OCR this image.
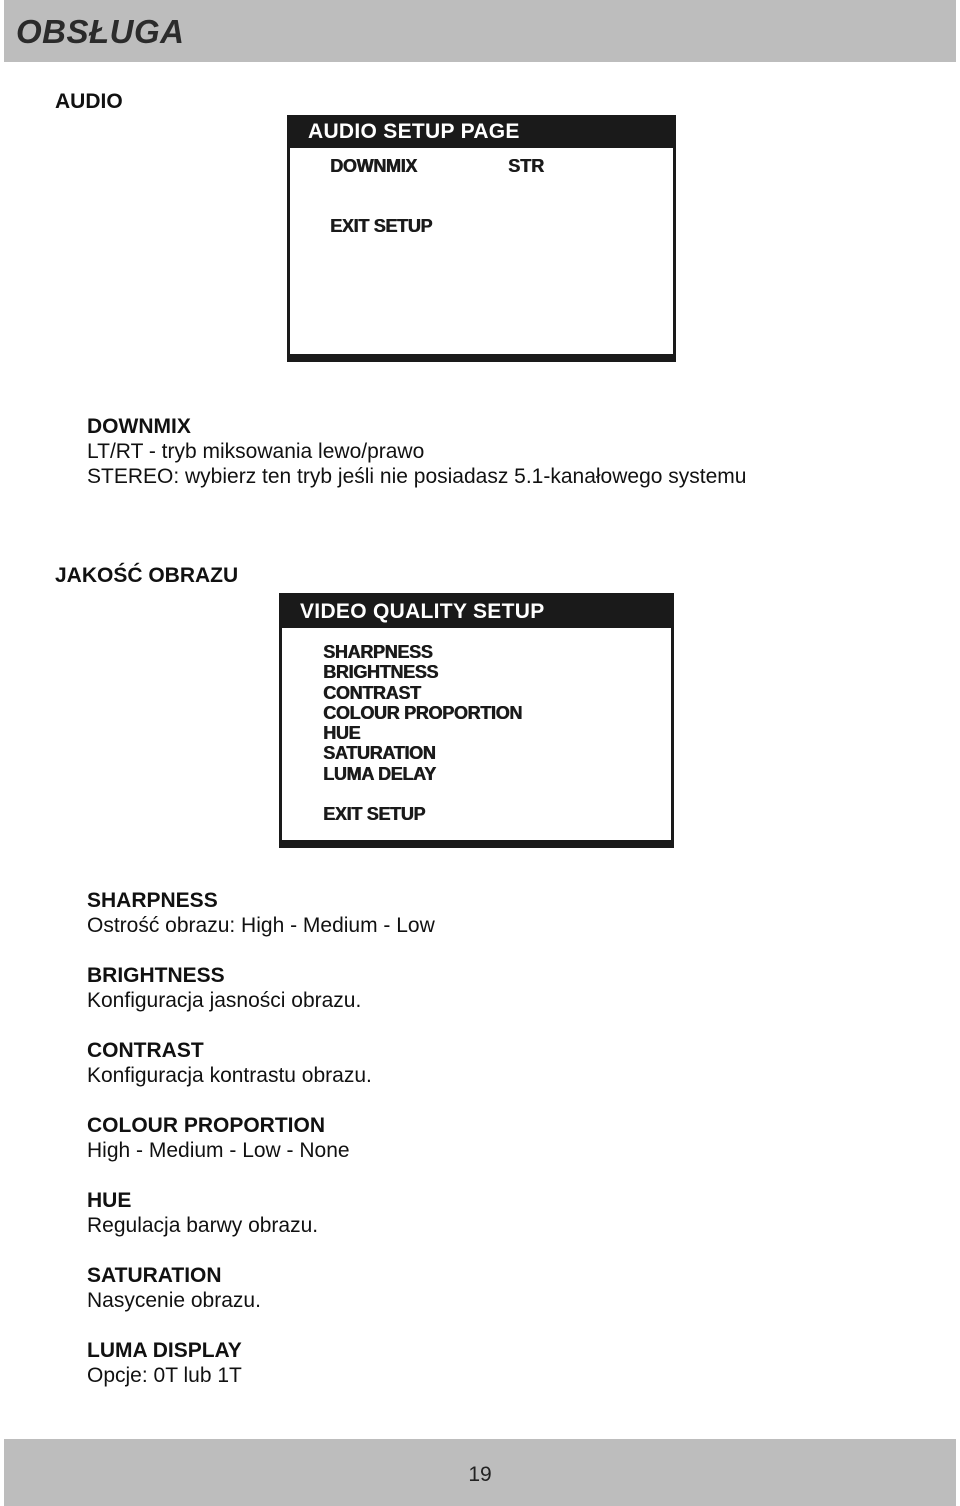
OBSŁUGA
AUDIO
AUDIO SETUP PAGE
DOWNMIX	STR
EXIT SETUP
DOWNMIX
LT/RT - tryb miksowania lewo/prawo
STEREO: wybierz ten tryb jeśli nie posiadasz 5.1-kanałowego systemu
JAKOŚĆ OBRAZU
VIDEO QUALITY SETUP
SHARPNESS
BRIGHTNESS
CONTRAST
COLOUR PROPORTION
HUE
SATURATION
LUMA DELAY
EXIT SETUP
SHARPNESS
Ostrość obrazu: High - Medium - Low
BRIGHTNESS
Konfiguracja jasności obrazu.
CONTRAST
Konfiguracja kontrastu obrazu.
COLOUR PROPORTION
High - Medium - Low - None
HUE
Regulacja barwy obrazu.
SATURATION
Nasycenie obrazu.
LUMA DISPLAY
Opcje: 0T lub 1T
19
